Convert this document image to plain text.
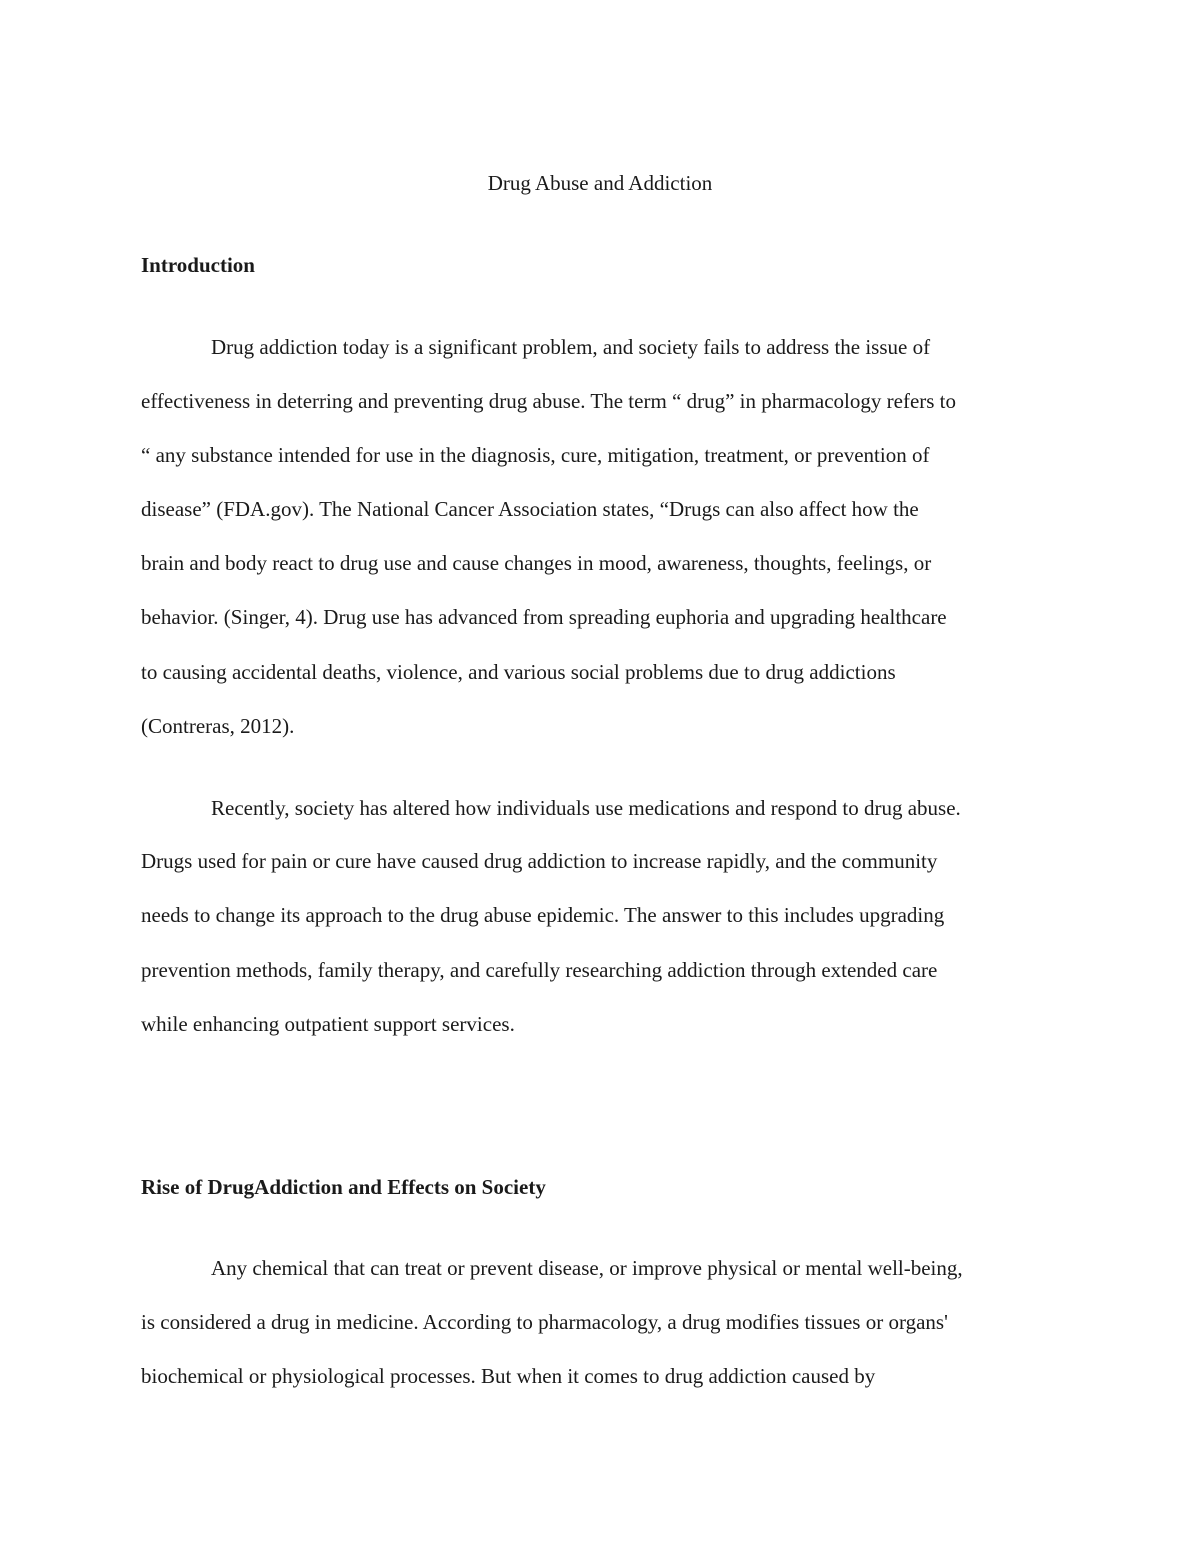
Drug Abuse and Addiction
Introduction

Drug addiction today is a significant problem, and society fails to address the issue of

effectiveness in deterring and preventing drug abuse. The term “ drug” in pharmacology refers to

“ any substance intended for use in the diagnosis, cure, mitigation, treatment, or prevention of

disease” (FDA.gov). The National Cancer Association states, “Drugs can also affect how the

brain and body react to drug use and cause changes in mood, awareness, thoughts, feelings, or

behavior. (Singer, 4). Drug use has advanced from spreading euphoria and upgrading healthcare

to causing accidental deaths, violence, and various social problems due to drug addictions

(Contreras, 2012).

Recently, society has altered how individuals use medications and respond to drug abuse.

Drugs used for pain or cure have caused drug addiction to increase rapidly, and the community

needs to change its approach to the drug abuse epidemic. The answer to this includes upgrading

prevention methods, family therapy, and carefully researching addiction through extended care

while enhancing outpatient support services.

Rise of DrugAddiction and Effects on Society

Any chemical that can treat or prevent disease, or improve physical or mental well-being,

is considered a drug in medicine. According to pharmacology, a drug modifies tissues or organs'

biochemical or physiological processes. But when it comes to drug addiction caused by
